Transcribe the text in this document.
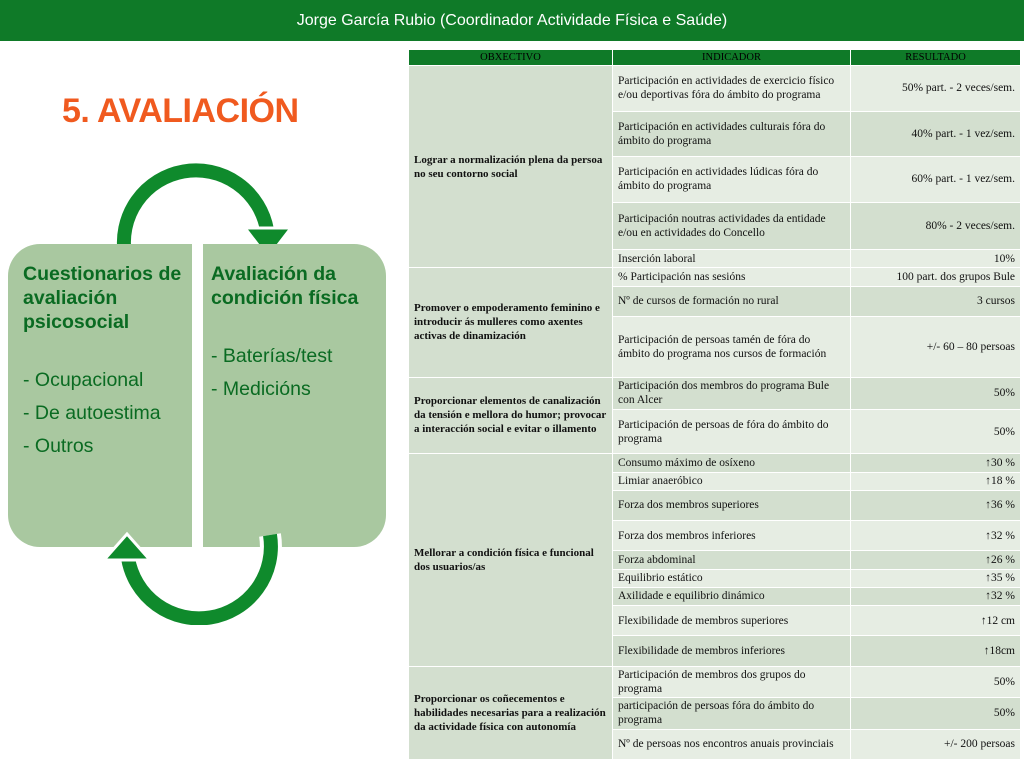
Jorge García Rubio (Coordinador Actividade Física e Saúde)
5. AVALIACIÓN
Cuestionarios de avaliación psicosocial
- Ocupacional
- De autoestima
- Outros
Avaliación da condición física
- Baterías/test
- Medicións
OBXECTIVO	INDICADOR	RESULTADO
Lograr a normalización plena da persoa no seu contorno social	Participación en actividades de exercicio físico e/ou deportivas fóra do ámbito do programa	50% part. - 2 veces/sem.
	Participación en actividades culturais fóra do ámbito do programa	40% part. - 1 vez/sem.
	Participación en actividades lúdicas fóra do ámbito do programa	60% part. - 1 vez/sem.
	Participación noutras actividades da entidade e/ou en actividades do Concello	80% - 2 veces/sem.
	Inserción laboral	10%
Promover o empoderamento feminino e introducir ás mulleres como axentes activas de dinamización	% Participación nas sesións	100 part. dos grupos Bule
	Nº de cursos de formación no rural	3 cursos
	Participación de persoas tamén de fóra do ámbito do programa nos cursos de formación	+/- 60 – 80 persoas
Proporcionar elementos de canalización da tensión e mellora do humor; provocar a interacción social e evitar o illamento	Participación dos membros do programa Bule con Alcer	50%
	Participación de persoas de fóra do ámbito do programa	50%
Mellorar a condición física e funcional dos usuarios/as	Consumo máximo de osíxeno	↑30 %
	Limiar anaeróbico	↑18 %
	Forza dos membros superiores	↑36 %
	Forza dos membros inferiores	↑32 %
	Forza abdominal	↑26 %
	Equilibrio estático	↑35 %
	Axilidade e equilibrio dinámico	↑32 %
	Flexibilidade de membros superiores	↑12 cm
	Flexibilidade de membros inferiores	↑18cm
Proporcionar os coñecementos e habilidades necesarias para a realización da actividade física con autonomía	Participación de membros dos grupos do programa	50%
	participación de persoas fóra do ámbito do programa	50%
	Nº de persoas nos encontros anuais provinciais	+/- 200 persoas
